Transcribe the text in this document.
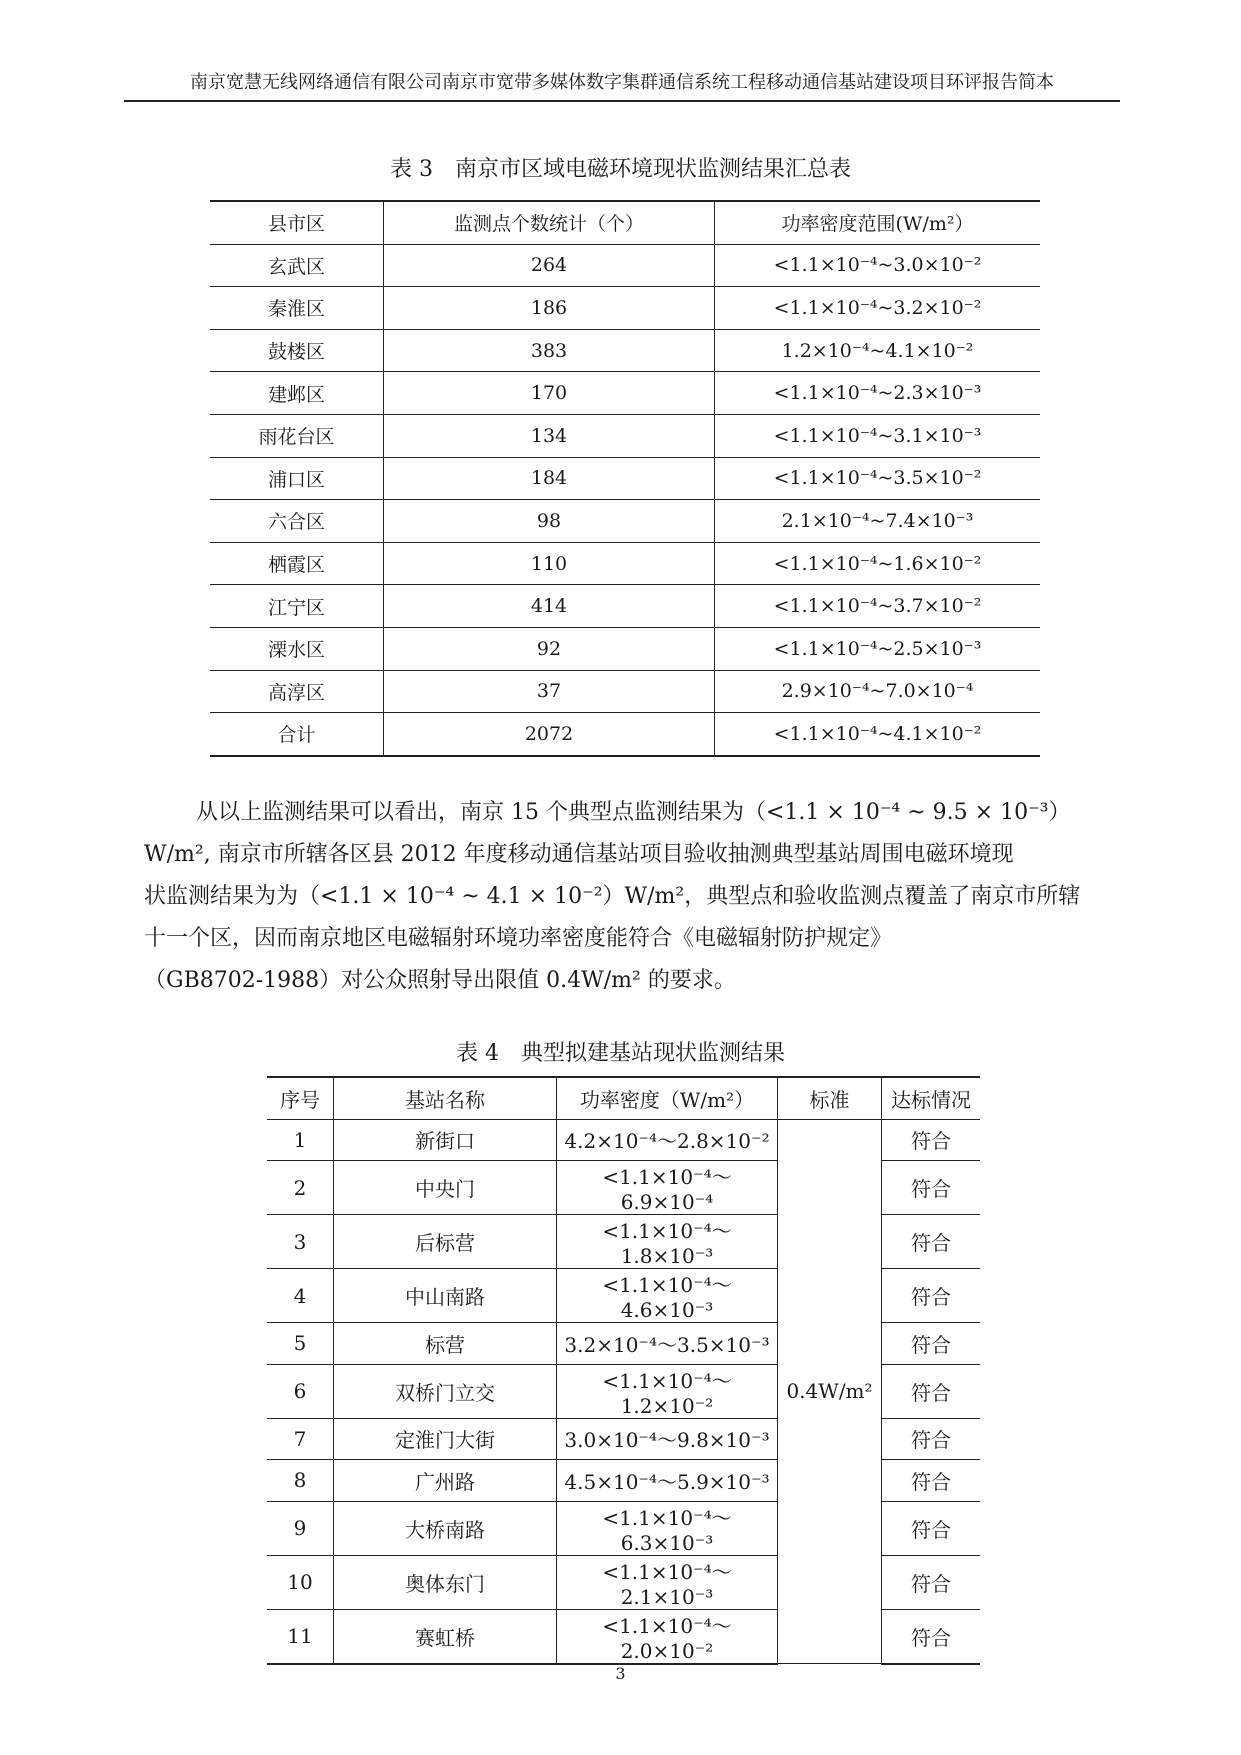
南京宽慧无线网络通信有限公司南京市宽带多媒体数字集群通信系统工程移动通信基站建设项目环评报告简本
表 3　南京市区域电磁环境现状监测结果汇总表
县市区	监测点个数统计（个）	功率密度范围(W/m²）
玄武区	264	<1.1×10⁻⁴~3.0×10⁻²
秦淮区	186	<1.1×10⁻⁴~3.2×10⁻²
鼓楼区	383	1.2×10⁻⁴~4.1×10⁻²
建邺区	170	<1.1×10⁻⁴~2.3×10⁻³
雨花台区	134	<1.1×10⁻⁴~3.1×10⁻³
浦口区	184	<1.1×10⁻⁴~3.5×10⁻²
六合区	98	2.1×10⁻⁴~7.4×10⁻³
栖霞区	110	<1.1×10⁻⁴~1.6×10⁻²
江宁区	414	<1.1×10⁻⁴~3.7×10⁻²
溧水区	92	<1.1×10⁻⁴~2.5×10⁻³
高淳区	37	2.9×10⁻⁴~7.0×10⁻⁴
合计	2072	<1.1×10⁻⁴~4.1×10⁻²
从以上监测结果可以看出，南京 15 个典型点监测结果为（<1.1 × 10⁻⁴ ~ 9.5 × 10⁻³）
W/m², 南京市所辖各区县 2012 年度移动通信基站项目验收抽测典型基站周围电磁环境现
状监测结果为为（<1.1 × 10⁻⁴ ~ 4.1 × 10⁻²）W/m²，典型点和验收监测点覆盖了南京市所辖
十一个区，因而南京地区电磁辐射环境功率密度能符合《电磁辐射防护规定》
（GB8702-1988）对公众照射导出限值 0.4W/m² 的要求。
表 4　典型拟建基站现状监测结果
序号	基站名称	功率密度（W/m²）	标准	达标情况
1	新街口	4.2×10⁻⁴～2.8×10⁻²	0.4W/m²	符合
2	中央门	<1.1×10⁻⁴～6.9×10⁻⁴		符合
3	后标营	<1.1×10⁻⁴～1.8×10⁻³		符合
4	中山南路	<1.1×10⁻⁴～4.6×10⁻³		符合
5	标营	3.2×10⁻⁴～3.5×10⁻³		符合
6	双桥门立交	<1.1×10⁻⁴～1.2×10⁻²		符合
7	定淮门大街	3.0×10⁻⁴～9.8×10⁻³		符合
8	广州路	4.5×10⁻⁴～5.9×10⁻³		符合
9	大桥南路	<1.1×10⁻⁴～6.3×10⁻³		符合
10	奥体东门	<1.1×10⁻⁴～2.1×10⁻³		符合
11	赛虹桥	<1.1×10⁻⁴～2.0×10⁻²		符合
3
